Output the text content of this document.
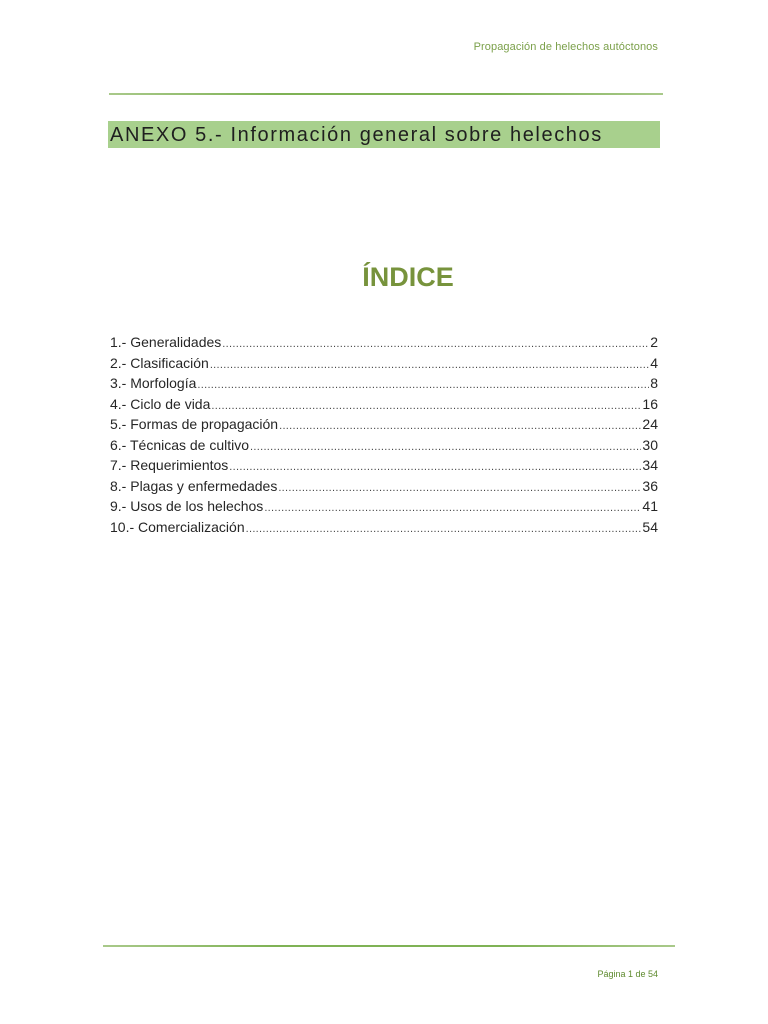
Propagación de helechos autóctonos
ANEXO 5.- Información general sobre helechos
ÍNDICE
1.- Generalidades .....	2
2.- Clasificación .....	4
3.- Morfología .....	8
4.- Ciclo de vida .....	16
5.- Formas de propagación .....	24
6.- Técnicas de cultivo .....	30
7.- Requerimientos .....	34
8.- Plagas y enfermedades .....	36
9.- Usos de los helechos .....	41
10.- Comercialización .....	54
Página 1 de 54
